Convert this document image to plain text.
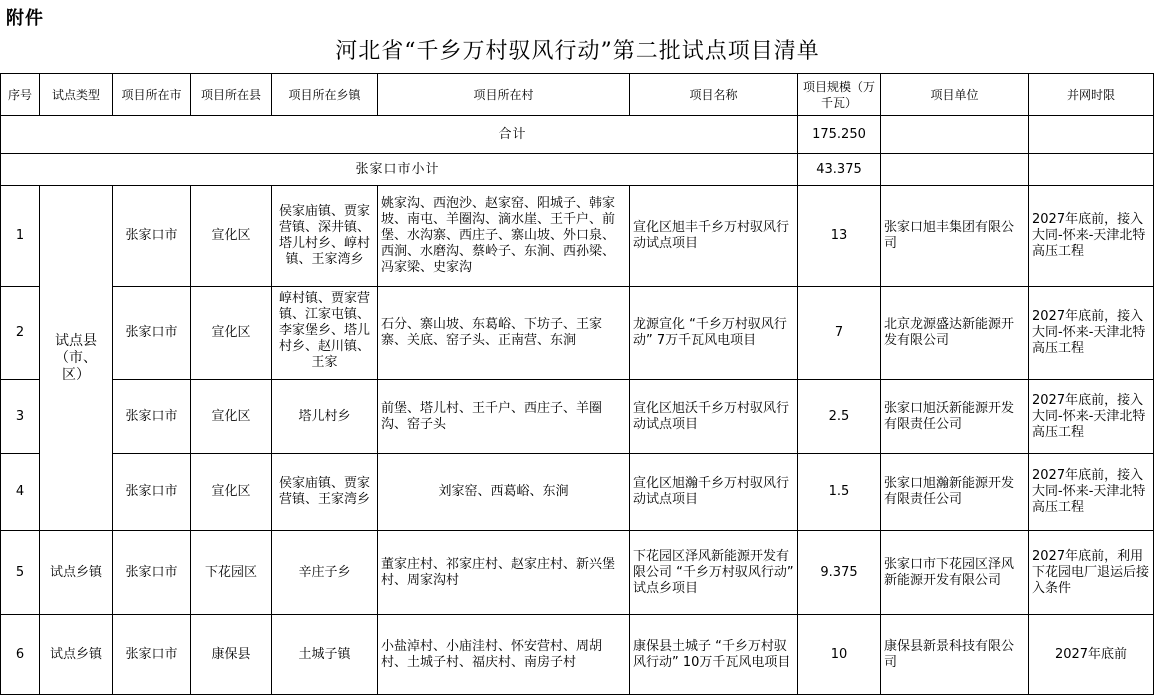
附件
河北省“千乡万村驭风行动”第二批试点项目清单
序号	试点类型	项目所在市	项目所在县	项目所在乡镇	项目所在村	项目名称	项目规模（万千瓦）	项目单位	并网时限
合计							175.250		
张家口市小计							43.375		
1	试点县（市、区）	张家口市	宣化区	侯家庙镇、贾家营镇、深井镇、塔儿村乡、崞村镇、王家湾乡	姚家沟、西泡沙、赵家窑、阳城子、韩家坡、南屯、羊圈沟、滴水崖、王千户、前堡、水沟寨、西庄子、寨山坡、外口泉、西涧、水磨沟、蔡岭子、东涧、西孙梁、冯家梁、史家沟	宣化区旭丰千乡万村驭风行动试点项目	13	张家口旭丰集团有限公司	2027年底前，接入大同-怀来-天津北特高压工程
2		张家口市	宣化区	崞村镇、贾家营镇、江家屯镇、李家堡乡、塔儿村乡、赵川镇、王家	石分、寨山坡、东葛峪、下坊子、王家寨、关底、窑子头、正南营、东涧	龙源宣化 “千乡万村驭风行动” 7万千瓦风电项目	7	北京龙源盛达新能源开发有限公司	2027年底前，接入大同-怀来-天津北特高压工程
3		张家口市	宣化区	塔儿村乡	前堡、塔儿村、王千户、西庄子、羊圈沟、窑子头	宣化区旭沃千乡万村驭风行动试点项目	2.5	张家口旭沃新能源开发有限责任公司	2027年底前，接入大同-怀来-天津北特高压工程
4		张家口市	宣化区	侯家庙镇、贾家营镇、王家湾乡	刘家窑、西葛峪、东涧	宣化区旭瀚千乡万村驭风行动试点项目	1.5	张家口旭瀚新能源开发有限责任公司	2027年底前，接入大同-怀来-天津北特高压工程
5	试点乡镇	张家口市	下花园区	辛庄子乡	董家庄村、祁家庄村、赵家庄村、新兴堡村、周家沟村	下花园区泽风新能源开发有限公司 “千乡万村驭风行动” 试点乡项目	9.375	张家口市下花园区泽风新能源开发有限公司	2027年底前，利用下花园电厂退运后接入条件
6	试点乡镇	张家口市	康保县	土城子镇	小盐淖村、小庙洼村、怀安营村、周胡村、土城子村、福庆村、南房子村	康保县土城子 “千乡万村驭风行动” 10万千瓦风电项目	10	康保县新景科技有限公司	2027年底前
